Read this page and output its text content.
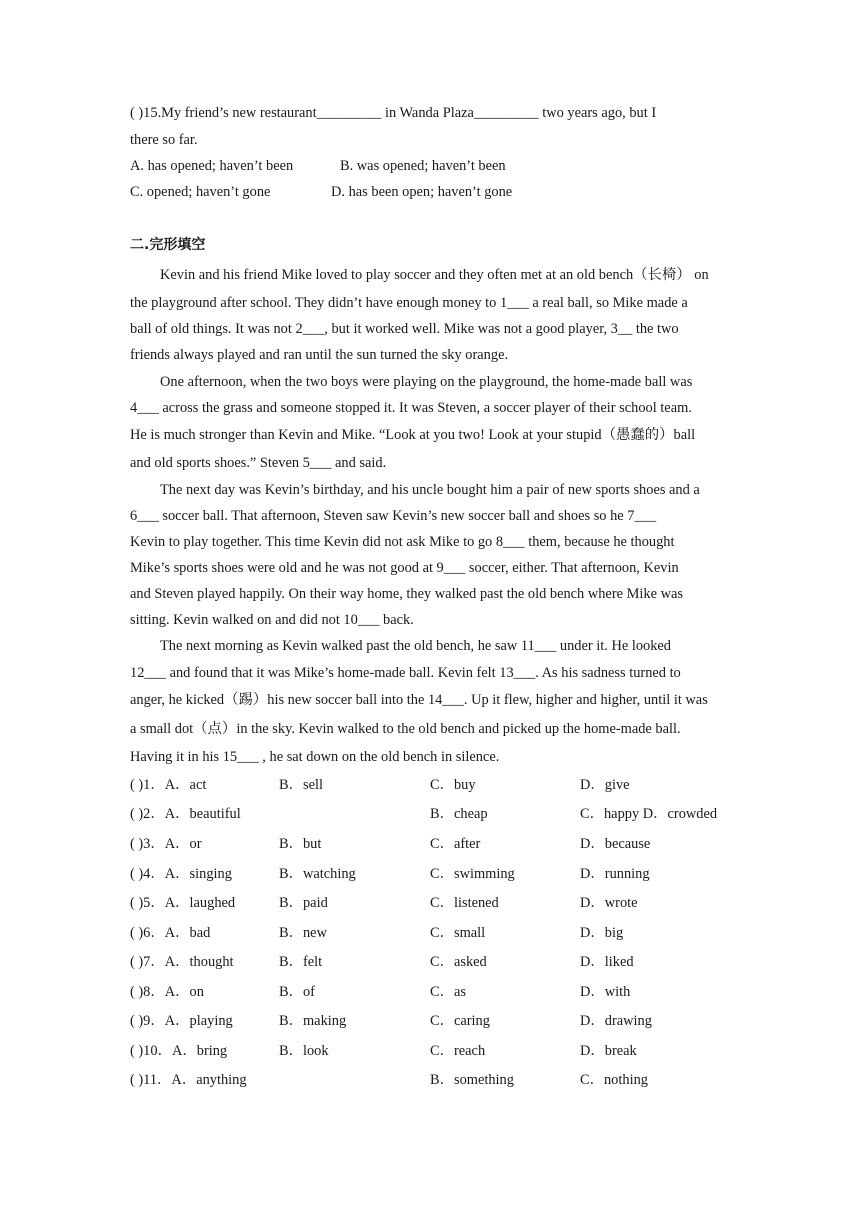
( )15.My friend’s new restaurant_________ in Wanda Plaza_________ two years ago, but I
there so far.
A. has opened; haven’t been	B. was opened; haven’t been
C. opened; haven’t gone	D. has been open; haven’t gone
二.完形填空
Kevin and his friend Mike loved to play soccer and they often met at an old bench（长椅） on
the playground after school. They didn’t have enough money to 1___ a real ball, so Mike made a
ball of old things. It was not 2___, but it worked well. Mike was not a good player, 3__ the two
friends always played and ran until the sun turned the sky orange.
One afternoon, when the two boys were playing on the playground, the home-made ball was
4___ across the grass and someone stopped it. It was Steven, a soccer player of their school team.
He is much stronger than Kevin and Mike. “Look at you two! Look at your stupid（愚蠢的）ball
and old sports shoes.” Steven 5___ and said.
The next day was Kevin’s birthday, and his uncle bought him a pair of new sports shoes and a
6___ soccer ball. That afternoon, Steven saw Kevin’s new soccer ball and shoes so he 7___
Kevin to play together. This time Kevin did not ask Mike to go 8___ them, because he thought
Mike’s sports shoes were old and he was not good at 9___ soccer, either. That afternoon, Kevin
and Steven played happily. On their way home, they walked past the old bench where Mike was
sitting. Kevin walked on and did not 10___ back.
The next morning as Kevin walked past the old bench, he saw 11___ under it. He looked
12___ and found that it was Mike’s home-made ball. Kevin felt 13___. As his sadness turned to
anger, he kicked（踢）his new soccer ball into the 14___. Up it flew, higher and higher, until it was
a small dot（点）in the sky. Kevin walked to the old bench and picked up the home-made ball.
Having it in his 15___ , he sat down on the old bench in silence.
( )1．A．act	B．sell	C．buy	D．give
( )2．A．beautiful	B．cheap	C．happy D．crowded
( )3．A．or	B．but	C．after	D．because
( )4．A．singing	B．watching	C．swimming	D．running
( )5．A．laughed	B．paid	C．listened	D．wrote
( )6．A．bad	B．new	C．small	D．big
( )7．A．thought	B．felt	C．asked	D．liked
( )8．A．on	B．of	C．as	D．with
( )9．A．playing	B．making	C．caring	D．drawing
( )10．A．bring	B．look	C．reach	D．break
( )11．A．anything	B．something	C．nothing
